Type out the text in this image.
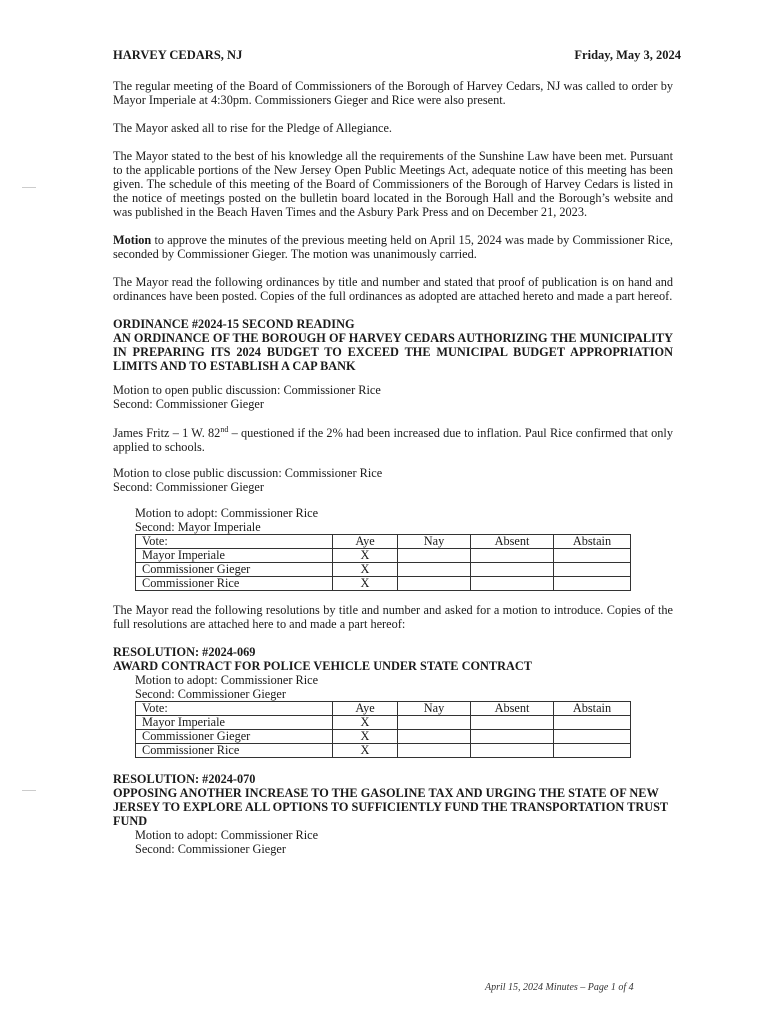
HARVEY CEDARS, NJ	Friday, May 3, 2024

The regular meeting of the Board of Commissioners of the Borough of Harvey Cedars, NJ was called to order by Mayor Imperiale at 4:30pm. Commissioners Gieger and Rice were also present.

The Mayor asked all to rise for the Pledge of Allegiance.

The Mayor stated to the best of his knowledge all the requirements of the Sunshine Law have been met. Pursuant to the applicable portions of the New Jersey Open Public Meetings Act, adequate notice of this meeting has been given. The schedule of this meeting of the Board of Commissioners of the Borough of Harvey Cedars is listed in the notice of meetings posted on the bulletin board located in the Borough Hall and the Borough’s website and was published in the Beach Haven Times and the Asbury Park Press and on December 21, 2023.

Motion to approve the minutes of the previous meeting held on April 15, 2024 was made by Commissioner Rice, seconded by Commissioner Gieger. The motion was unanimously carried.

The Mayor read the following ordinances by title and number and stated that proof of publication is on hand and ordinances have been posted. Copies of the full ordinances as adopted are attached hereto and made a part hereof.

ORDINANCE #2024-15 SECOND READING
AN ORDINANCE OF THE BOROUGH OF HARVEY CEDARS AUTHORIZING THE MUNICIPALITY IN PREPARING ITS 2024 BUDGET TO EXCEED THE MUNICIPAL BUDGET APPROPRIATION LIMITS AND TO ESTABLISH A CAP BANK
Motion to open public discussion: Commissioner Rice
Second: Commissioner Gieger
James Fritz – 1 W. 82nd – questioned if the 2% had been increased due to inflation. Paul Rice confirmed that only applied to schools.
Motion to close public discussion: Commissioner Rice
Second: Commissioner Gieger
Motion to adopt: Commissioner Rice
Second: Mayor Imperiale
Vote:	Aye	Nay	Absent	Abstain
Mayor Imperiale	X			
Commissioner Gieger	X			
Commissioner Rice	X			

The Mayor read the following resolutions by title and number and asked for a motion to introduce. Copies of the full resolutions are attached here to and made a part hereof:

RESOLUTION: #2024-069
AWARD CONTRACT FOR POLICE VEHICLE UNDER STATE CONTRACT
Motion to adopt: Commissioner Rice
Second: Commissioner Gieger
Vote:	Aye	Nay	Absent	Abstain
Mayor Imperiale	X			
Commissioner Gieger	X			
Commissioner Rice	X			
RESOLUTION: #2024-070
OPPOSING ANOTHER INCREASE TO THE GASOLINE TAX AND URGING THE STATE OF NEW JERSEY TO EXPLORE ALL OPTIONS TO SUFFICIENTLY FUND THE TRANSPORTATION TRUST FUND
Motion to adopt: Commissioner Rice
Second: Commissioner Gieger
April 15, 2024 Minutes – Page 1 of 4
